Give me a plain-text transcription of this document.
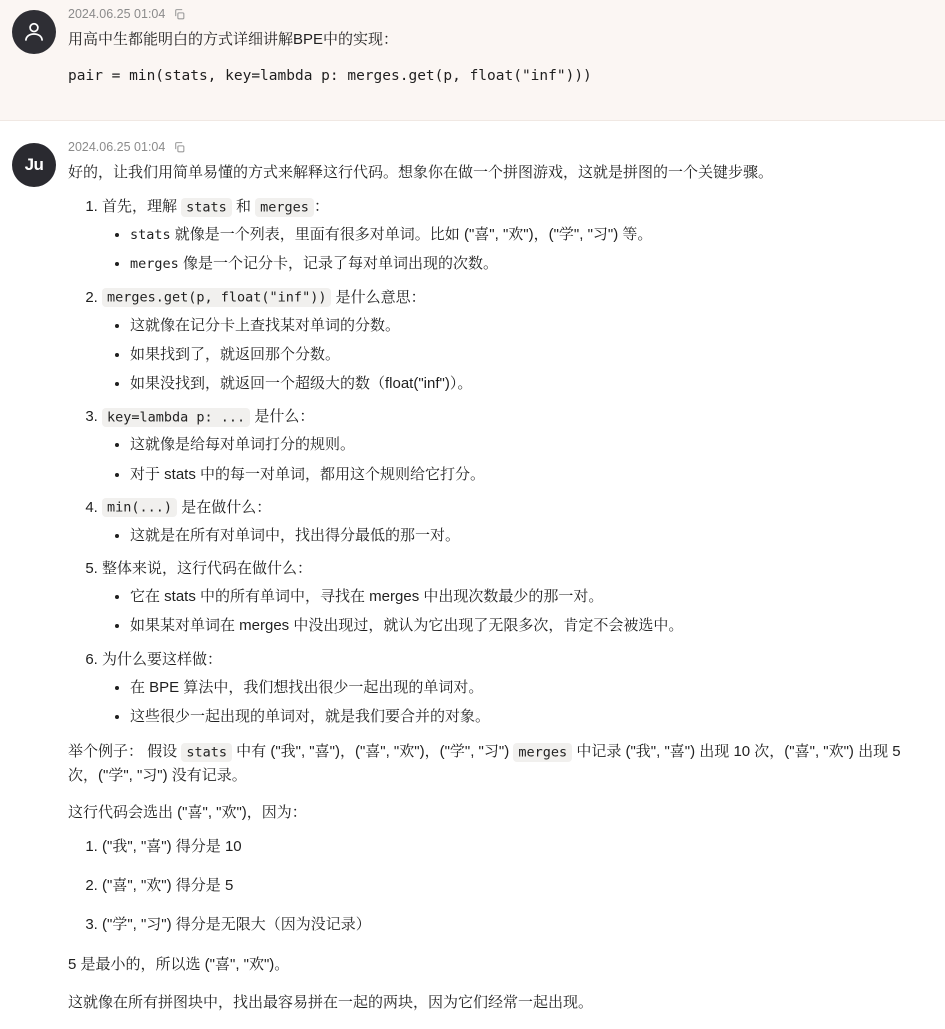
2024.06.25 01:04

用高中生都能明白的方式详细讲解BPE中的实现：

pair = min(stats, key=lambda p: merges.get(p, float("inf")))

Ju
2024.06.25 01:04

好的，让我们用简单易懂的方式来解释这行代码。想象你在做一个拼图游戏，这就是拼图的一个关键步骤。

1. 首先，理解 stats 和 merges ：
• stats 就像是一个列表，里面有很多对单词。比如 ("喜", "欢")，("学", "习") 等。
• merges 像是一个记分卡，记录了每对单词出现的次数。
2. merges.get(p, float("inf")) 是什么意思：
• 这就像在记分卡上查找某对单词的分数。
• 如果找到了，就返回那个分数。
• 如果没找到，就返回一个超级大的数（float("inf")）。
3. key=lambda p: ... 是什么：
• 这就像是给每对单词打分的规则。
• 对于 stats 中的每一对单词，都用这个规则给它打分。
4. min(...) 是在做什么：
• 这就是在所有对单词中，找出得分最低的那一对。
5. 整体来说，这行代码在做什么：
• 它在 stats 中的所有单词中，寻找在 merges 中出现次数最少的那一对。
• 如果某对单词在 merges 中没出现过，就认为它出现了无限多次，肯定不会被选中。
6. 为什么要这样做：
• 在 BPE 算法中，我们想找出很少一起出现的单词对。
• 这些很少一起出现的单词对，就是我们要合并的对象。

举个例子： 假设 stats 中有 ("我", "喜")，("喜", "欢")，("学", "习") merges 中记录 ("我", "喜") 出现 10 次，("喜", "欢") 出现 5 次，("学", "习") 没有记录。

这行代码会选出 ("喜", "欢")，因为：

1. ("我", "喜") 得分是 10
2. ("喜", "欢") 得分是 5
3. ("学", "习") 得分是无限大（因为没记录）

5 是最小的，所以选 ("喜", "欢")。

这就像在所有拼图块中，找出最容易拼在一起的两块，因为它们经常一起出现。
